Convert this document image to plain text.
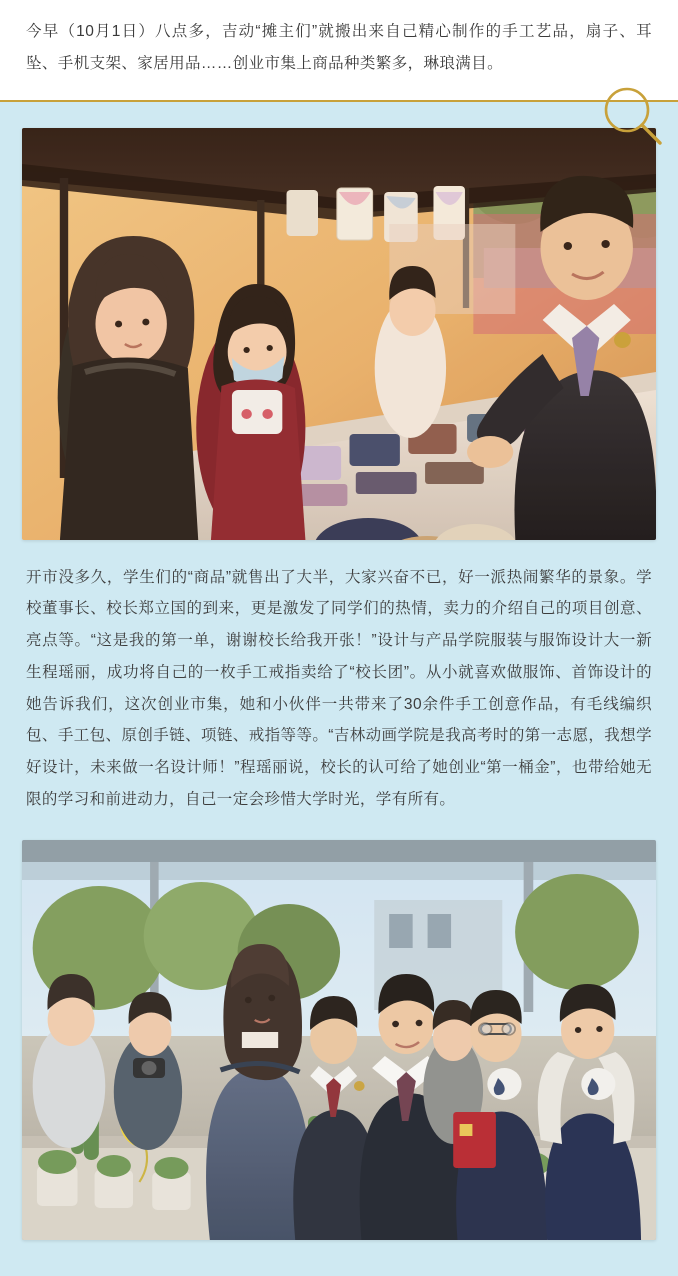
今早（10月1日）八点多，吉动“摊主们”就搬出来自己精心制作的手工艺品，扇子、耳坠、手机支架、家居用品……创业市集上商品种类繁多，琳琅满目。

开市没多久，学生们的“商品”就售出了大半，大家兴奋不已，好一派热闹繁华的景象。学校董事长、校长郑立国的到来，更是激发了同学们的热情，卖力的介绍自己的项目创意、亮点等。“这是我的第一单，谢谢校长给我开张！”设计与产品学院服装与服饰设计大一新生程瑶丽，成功将自己的一枚手工戒指卖给了“校长团”。从小就喜欢做服饰、首饰设计的她告诉我们，这次创业市集，她和小伙伴一共带来了30余件手工创意作品，有毛线编织包、手工包、原创手链、项链、戒指等等。“吉林动画学院是我高考时的第一志愿，我想学好设计，未来做一名设计师！”程瑶丽说，校长的认可给了她创业“第一桶金”，也带给她无限的学习和前进动力，自己一定会珍惜大学时光，学有所有。
